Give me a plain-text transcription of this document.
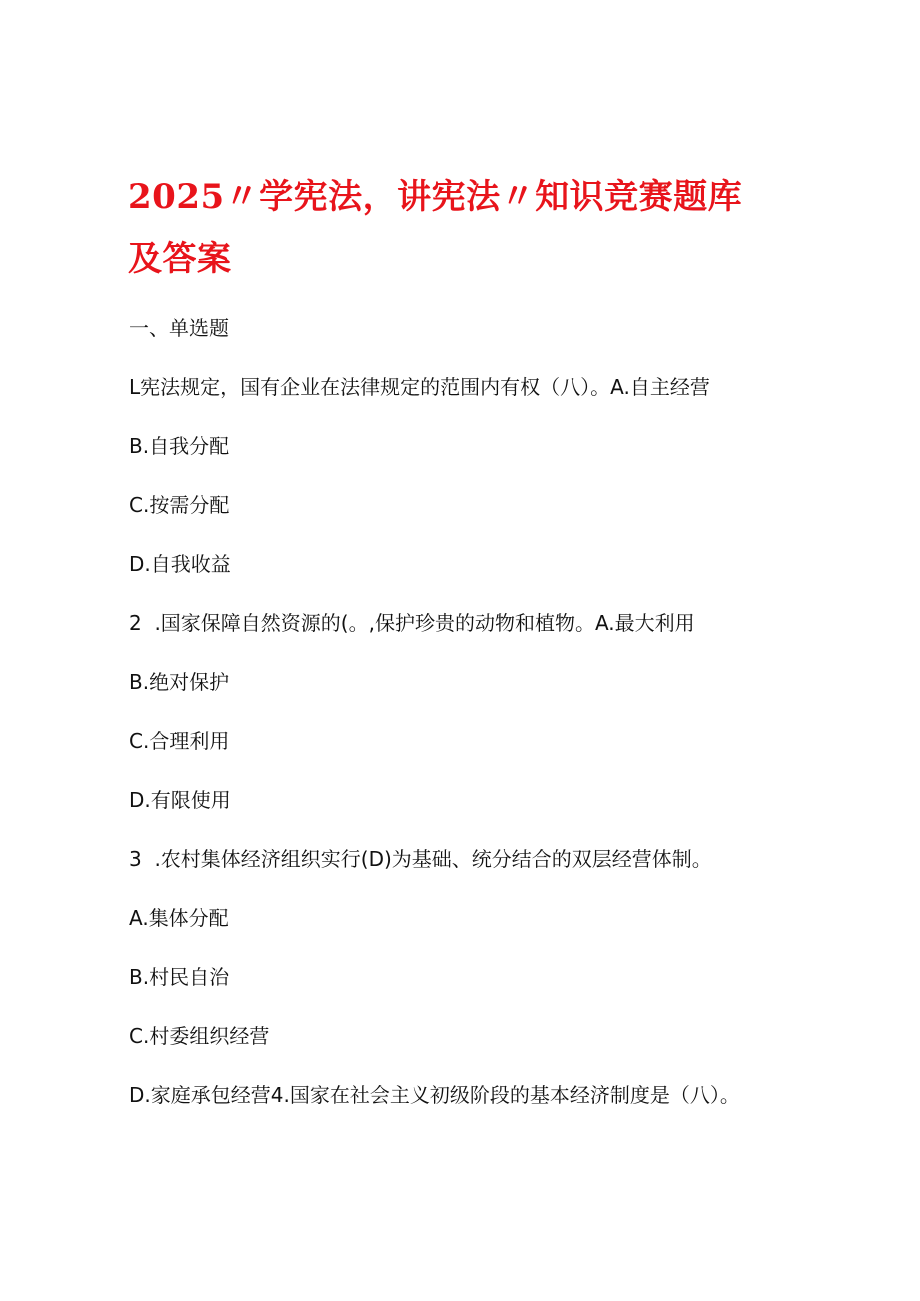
2025〃学宪法，讲宪法〃知识竞赛题库
及答案

一、单选题

L宪法规定，国有企业在法律规定的范围内有权（八）。A.自主经营

B.自我分配

C.按需分配

D.自我收益

2  .国家保障自然资源的(。,保护珍贵的动物和植物。A.最大利用

B.绝对保护

C.合理利用

D.有限使用

3  .农村集体经济组织实行(D)为基础、统分结合的双层经营体制。

A.集体分配

B.村民自治

C.村委组织经营

D.家庭承包经营4.国家在社会主义初级阶段的基本经济制度是（八）。
